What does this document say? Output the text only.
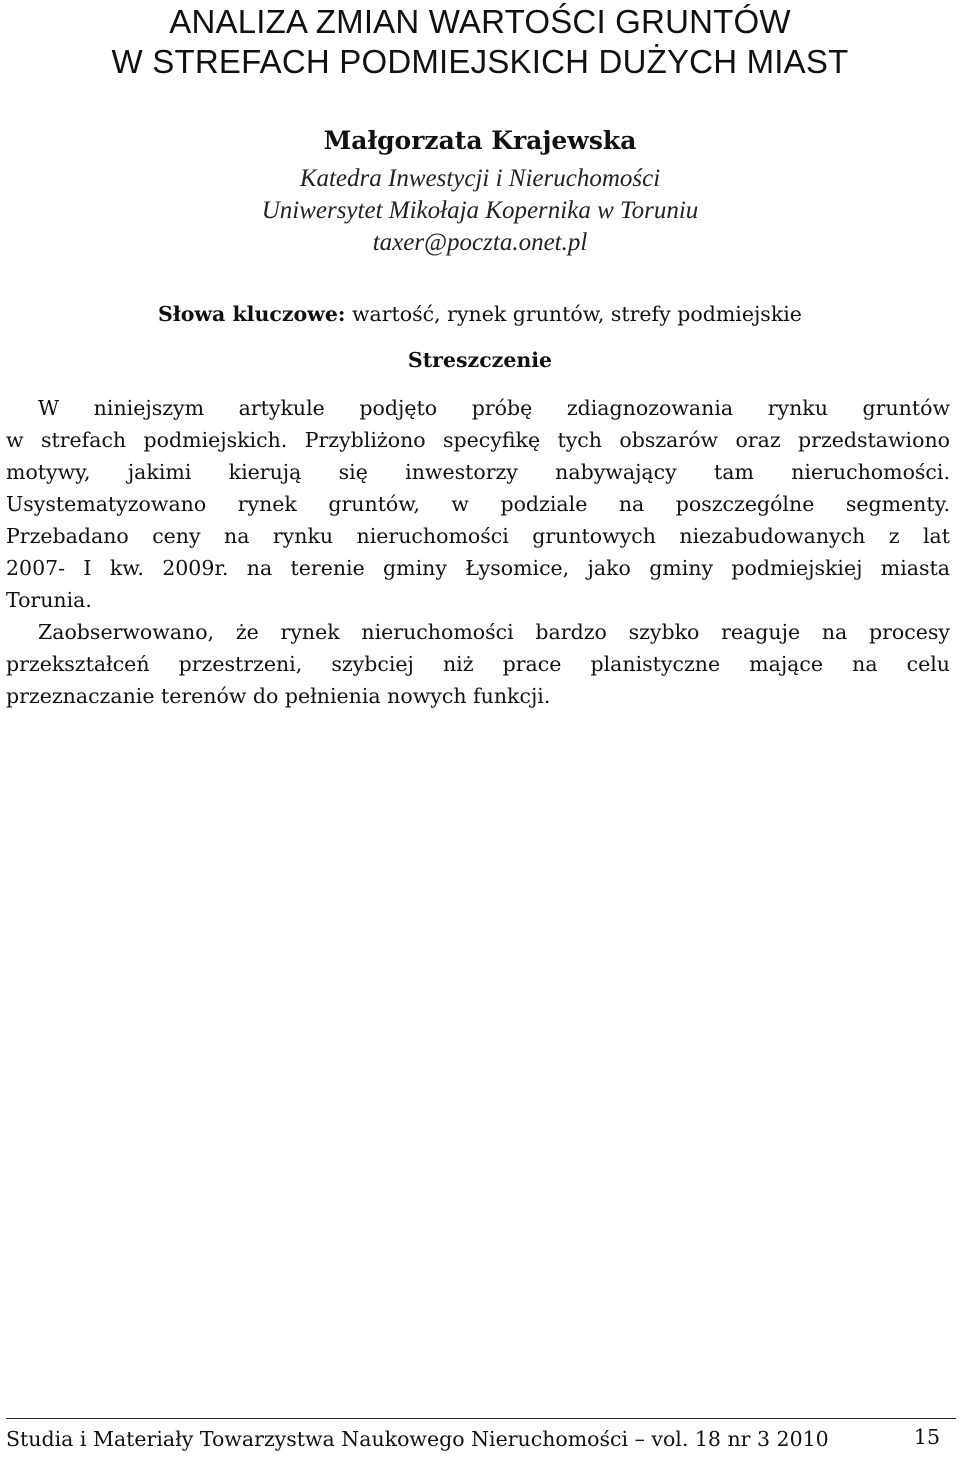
ANALIZA ZMIAN WARTOŚCI GRUNTÓW
W STREFACH PODMIEJSKICH DUŻYCH MIAST
Małgorzata Krajewska
Katedra Inwestycji i Nieruchomości
Uniwersytet Mikołaja Kopernika w Toruniu
taxer@poczta.onet.pl
Słowa kluczowe: wartość, rynek gruntów, strefy podmiejskie
Streszczenie
W niniejszym artykule podjęto próbę zdiagnozowania rynku gruntów
w strefach podmiejskich. Przybliżono specyfikę tych obszarów oraz przedstawiono
motywy, jakimi kierują się inwestorzy nabywający tam nieruchomości.
Usystematyzowano rynek gruntów, w podziale na poszczególne segmenty.
Przebadano ceny na rynku nieruchomości gruntowych niezabudowanych z lat
2007- I kw. 2009r. na terenie gminy Łysomice, jako gminy podmiejskiej miasta
Torunia.
Zaobserwowano, że rynek nieruchomości bardzo szybko reaguje na procesy
przekształceń przestrzeni, szybciej niż prace planistyczne mające na celu
przeznaczanie terenów do pełnienia nowych funkcji.
Studia i Materiały Towarzystwa Naukowego Nieruchomości – vol. 18 nr 3 2010	15
